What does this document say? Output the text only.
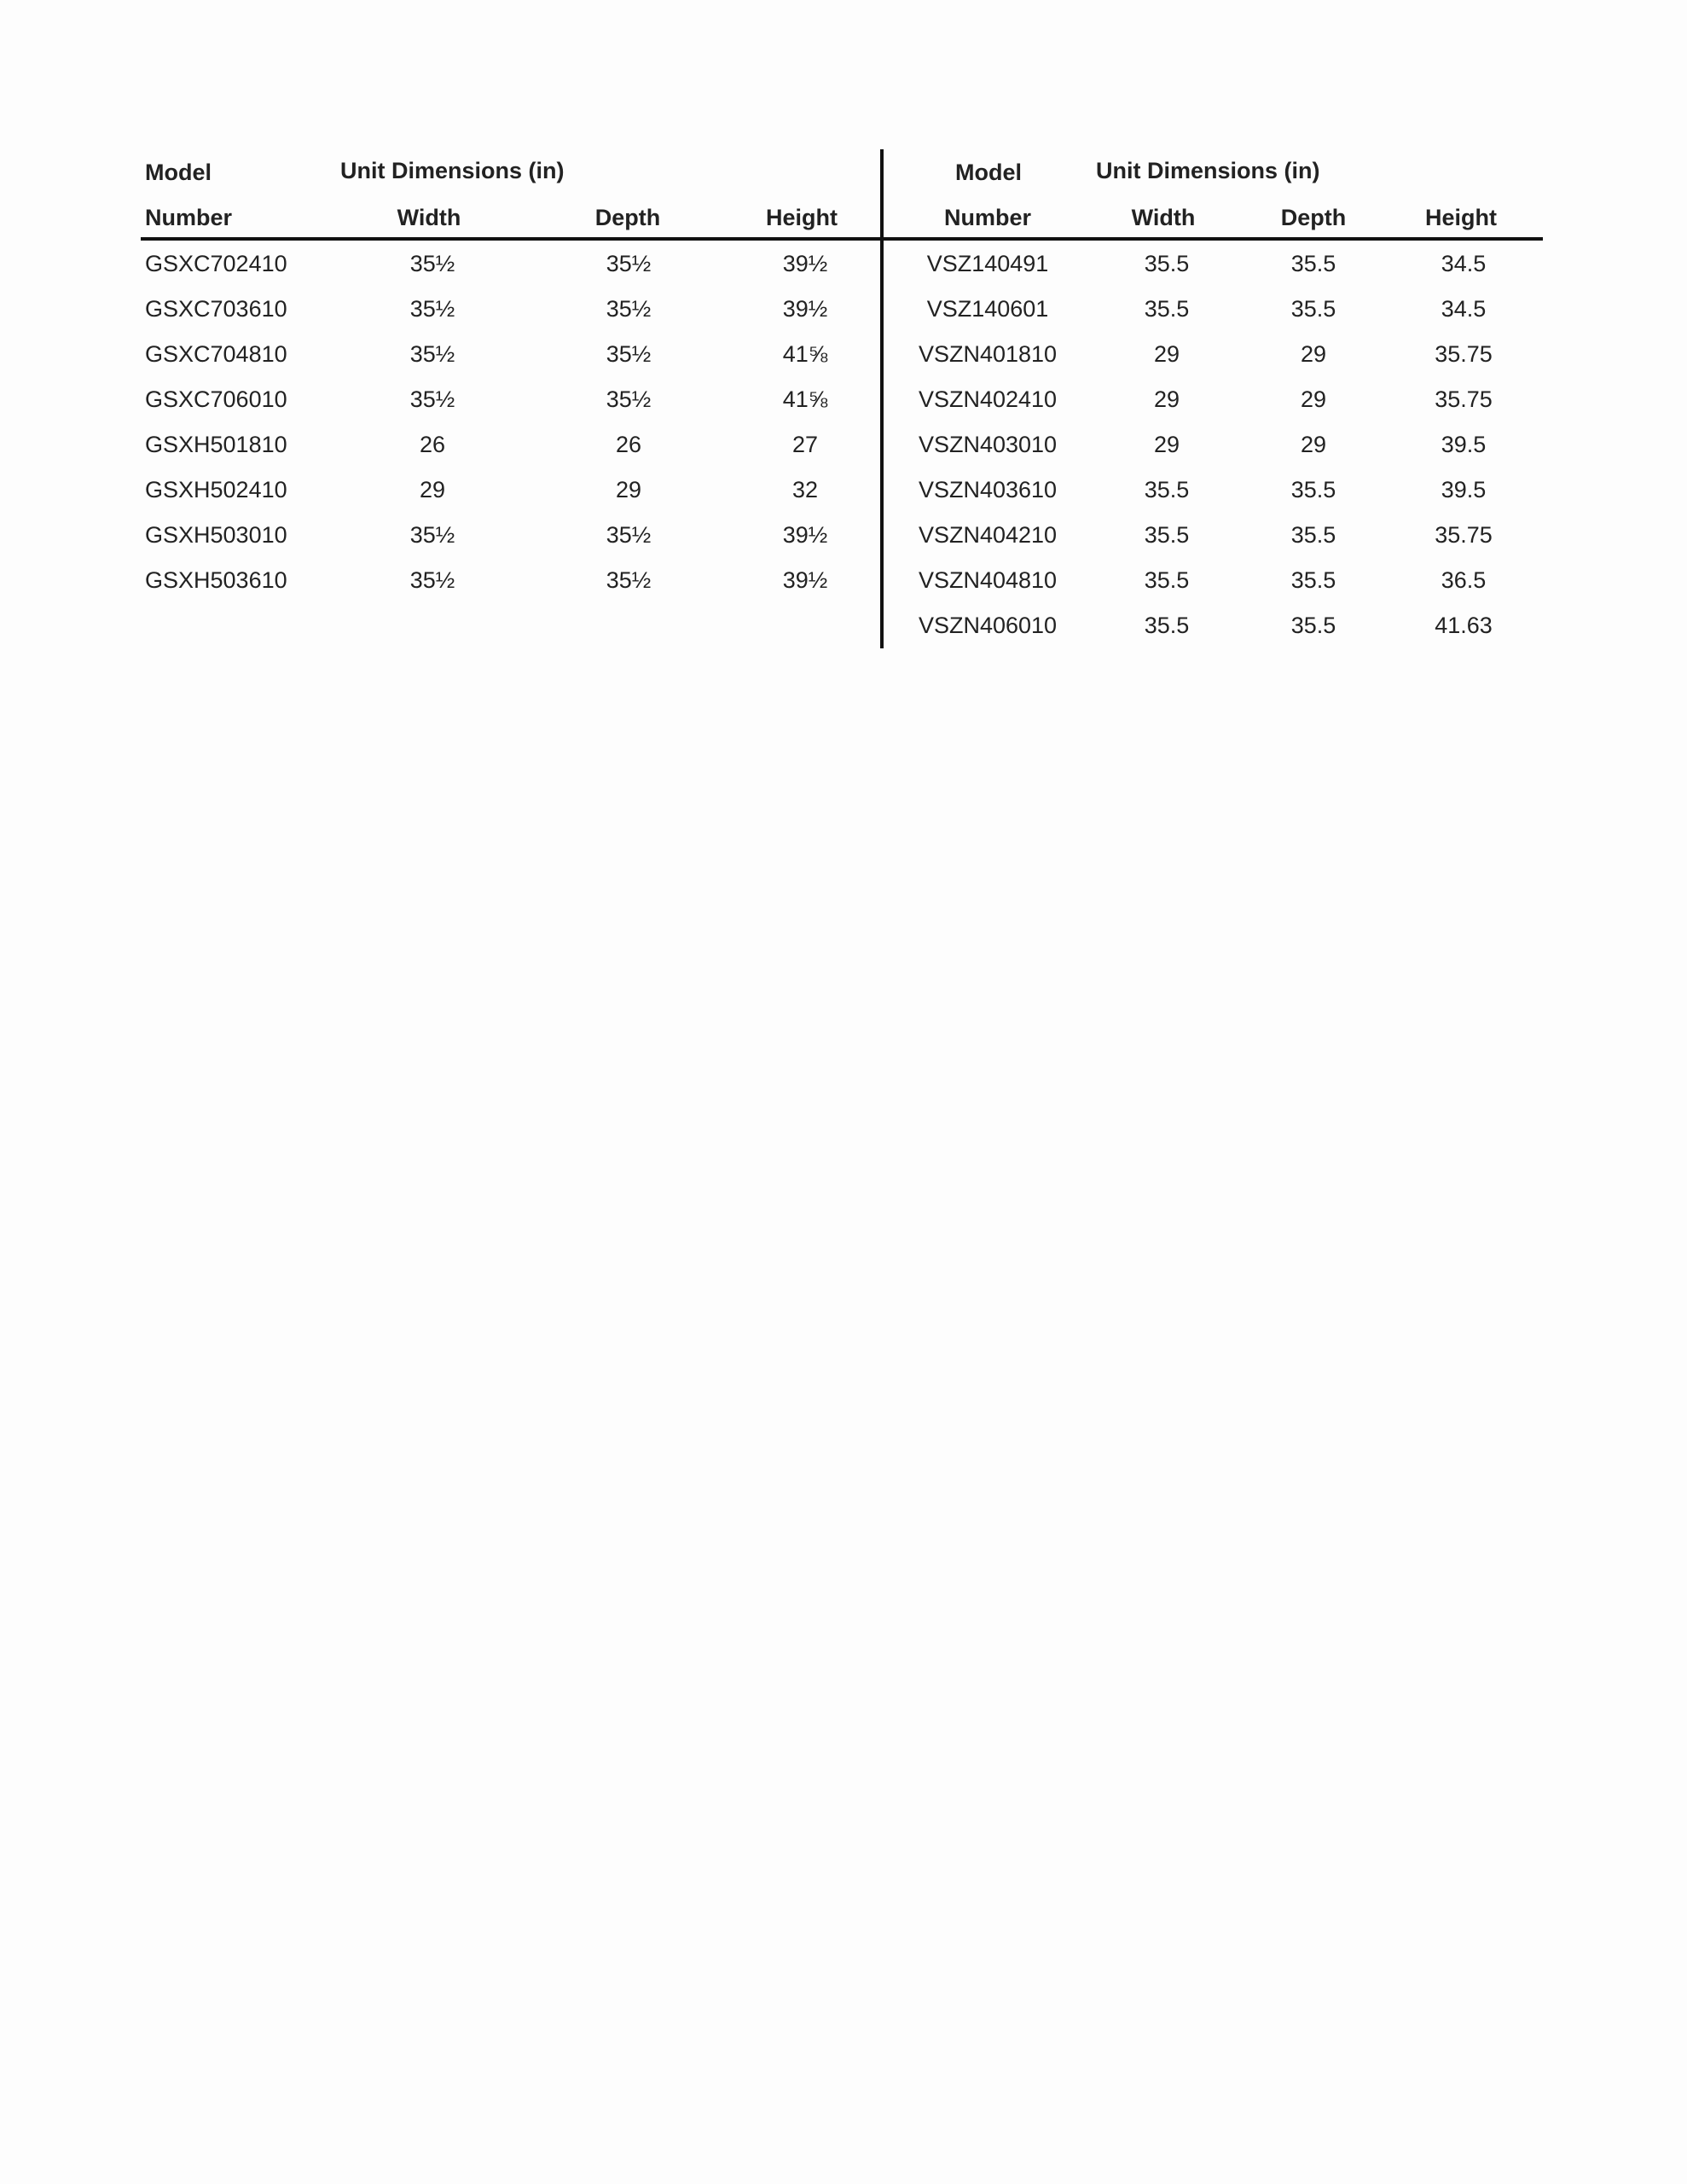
Model	Unit Dimensions (in)
Number	Width	Depth	Height
Model	Unit Dimensions (in)
Number	Width	Depth	Height
GSXC702410	35½	35½	39½
GSXC703610	35½	35½	39½
GSXC704810	35½	35½	41⅝
GSXC706010	35½	35½	41⅝
GSXH501810	26	26	27
GSXH502410	29	29	32
GSXH503010	35½	35½	39½
GSXH503610	35½	35½	39½
VSZ140491	35.5	35.5	34.5
VSZ140601	35.5	35.5	34.5
VSZN401810	29	29	35.75
VSZN402410	29	29	35.75
VSZN403010	29	29	39.5
VSZN403610	35.5	35.5	39.5
VSZN404210	35.5	35.5	35.75
VSZN404810	35.5	35.5	36.5
VSZN406010	35.5	35.5	41.63
